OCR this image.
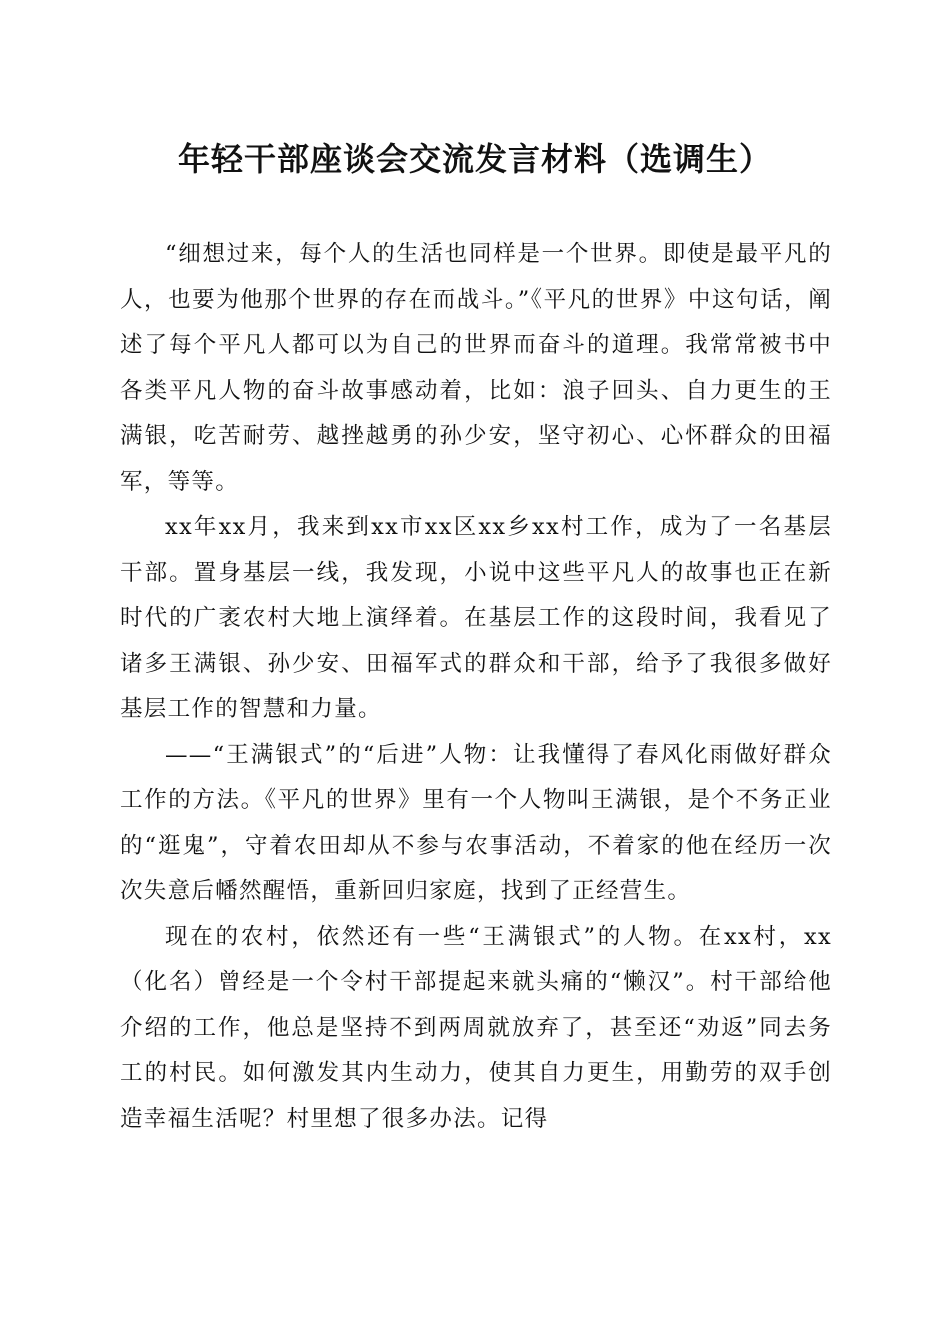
年轻干部座谈会交流发言材料（选调生）

“细想过来，每个人的生活也同样是一个世界。即使是最平凡的人，也要为他那个世界的存在而战斗。”《平凡的世界》中这句话，阐述了每个平凡人都可以为自己的世界而奋斗的道理。我常常被书中各类平凡人物的奋斗故事感动着，比如：浪子回头、自力更生的王满银，吃苦耐劳、越挫越勇的孙少安，坚守初心、心怀群众的田福军，等等。

xx年xx月，我来到xx市xx区xx乡xx村工作，成为了一名基层干部。置身基层一线，我发现，小说中这些平凡人的故事也正在新时代的广袤农村大地上演绎着。在基层工作的这段时间，我看见了诸多王满银、孙少安、田福军式的群众和干部，给予了我很多做好基层工作的智慧和力量。

——“王满银式”的“后进”人物：让我懂得了春风化雨做好群众工作的方法。《平凡的世界》里有一个人物叫王满银，是个不务正业的“逛鬼”，守着农田却从不参与农事活动，不着家的他在经历一次次失意后幡然醒悟，重新回归家庭，找到了正经营生。

现在的农村，依然还有一些“王满银式”的人物。在xx村，xx（化名）曾经是一个令村干部提起来就头痛的“懒汉”。村干部给他介绍的工作，他总是坚持不到两周就放弃了，甚至还“劝返”同去务工的村民。如何激发其内生动力，使其自力更生，用勤劳的双手创造幸福生活呢？村里想了很多办法。记得
